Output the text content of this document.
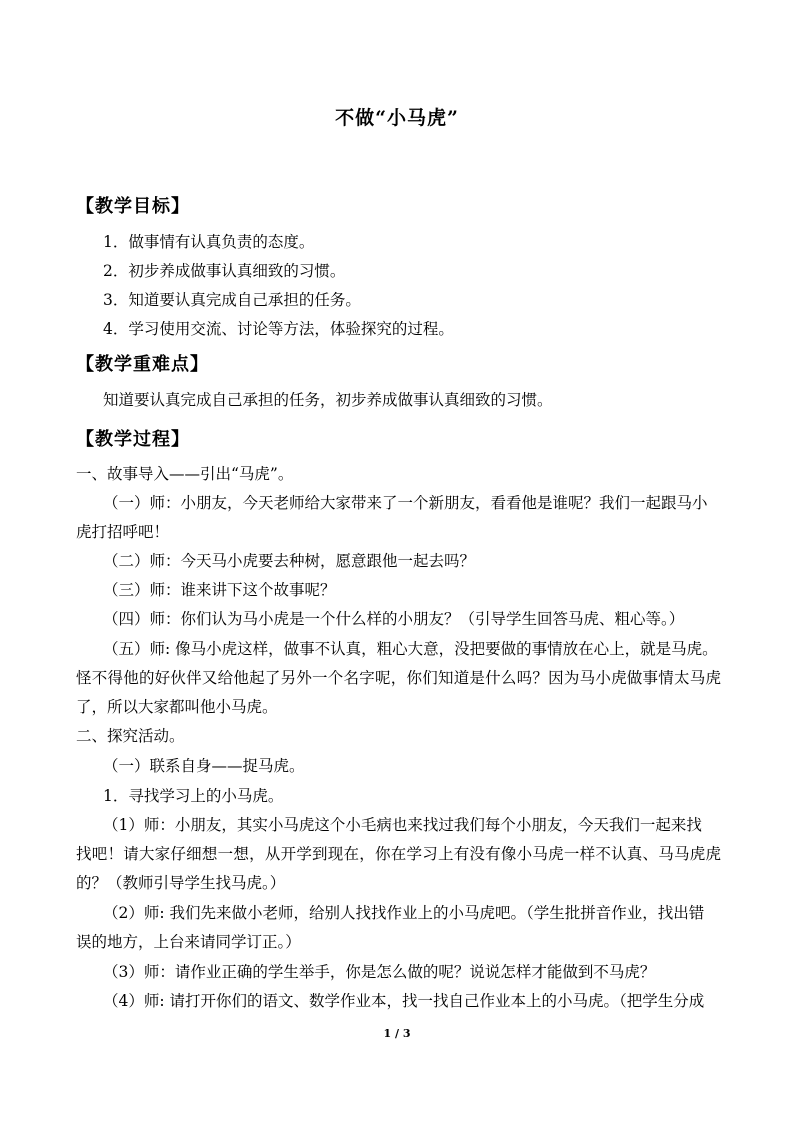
不做“小马虎”
【教学目标】
1．做事情有认真负责的态度。
2．初步养成做事认真细致的习惯。
3．知道要认真完成自己承担的任务。
4．学习使用交流、讨论等方法，体验探究的过程。
【教学重难点】
知道要认真完成自己承担的任务，初步养成做事认真细致的习惯。
【教学过程】
一、故事导入——引出“马虎”。
（一）师：小朋友，今天老师给大家带来了一个新朋友，看看他是谁呢？我们一起跟马小
虎打招呼吧！
（二）师：今天马小虎要去种树，愿意跟他一起去吗？
（三）师：谁来讲下这个故事呢？
（四）师：你们认为马小虎是一个什么样的小朋友？（引导学生回答马虎、粗心等。）
（五）师: 像马小虎这样，做事不认真，粗心大意，没把要做的事情放在心上，就是马虎。
怪不得他的好伙伴又给他起了另外一个名字呢，你们知道是什么吗？因为马小虎做事情太马虎
了，所以大家都叫他小马虎。
二、探究活动。
（一）联系自身——捉马虎。
1．寻找学习上的小马虎。
（1）师：小朋友，其实小马虎这个小毛病也来找过我们每个小朋友，今天我们一起来找
找吧！请大家仔细想一想，从开学到现在，你在学习上有没有像小马虎一样不认真、马马虎虎
的？（教师引导学生找马虎。）
（2）师: 我们先来做小老师，给别人找找作业上的小马虎吧。（学生批拼音作业，找出错
误的地方，上台来请同学订正。）
（3）师：请作业正确的学生举手，你是怎么做的呢？说说怎样才能做到不马虎？
（4）师: 请打开你们的语文、数学作业本，找一找自己作业本上的小马虎。（把学生分成
1 / 3
